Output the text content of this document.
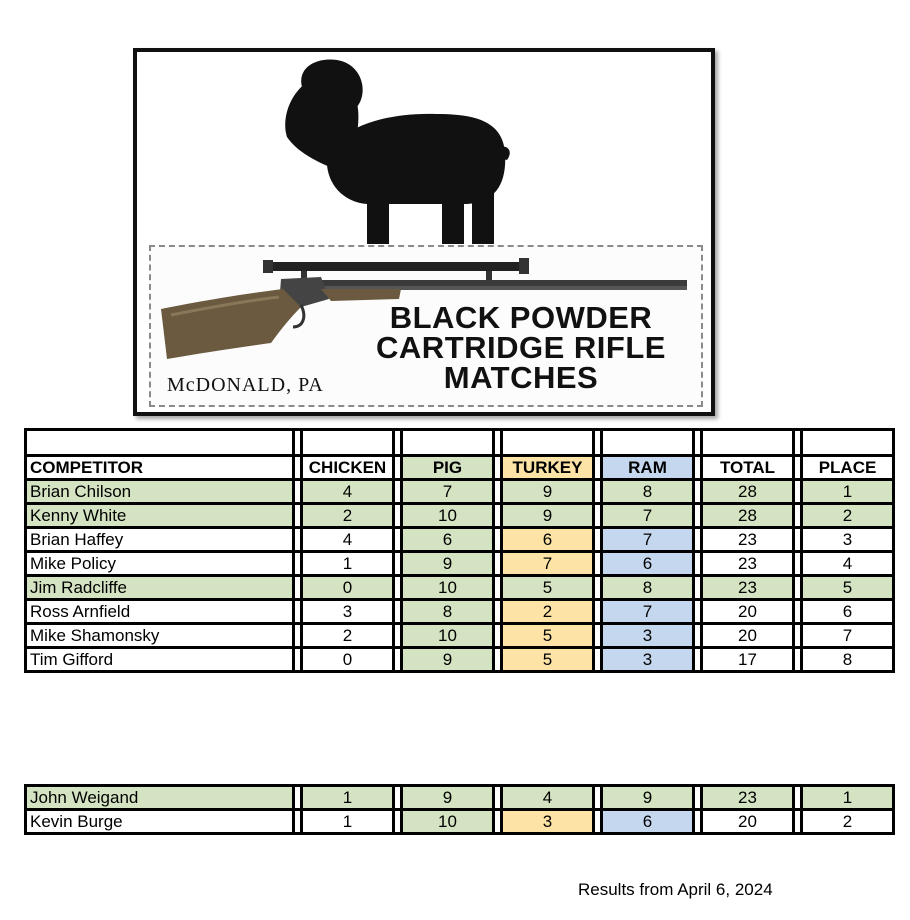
BLACK POWDER
CARTRIDGE RIFLE
MATCHES
McDONALD, PA

COMPETITOR		CHICKEN		PIG		TURKEY		RAM		TOTAL		PLACE
Brian Chilson		4		7		9		8		28		1
Kenny White		2		10		9		7		28		2
Brian Haffey		4		6		6		7		23		3
Mike Policy		1		9		7		6		23		4
Jim Radcliffe		0		10		5		8		23		5
Ross Arnfield		3		8		2		7		20		6
Mike Shamonsky		2		10		5		3		20		7
Tim Gifford		0		9		5		3		17		8
John Weigand		1		9		4		9		23		1
Kevin Burge		1		10		3		6		20		2
Results from April 6, 2024
